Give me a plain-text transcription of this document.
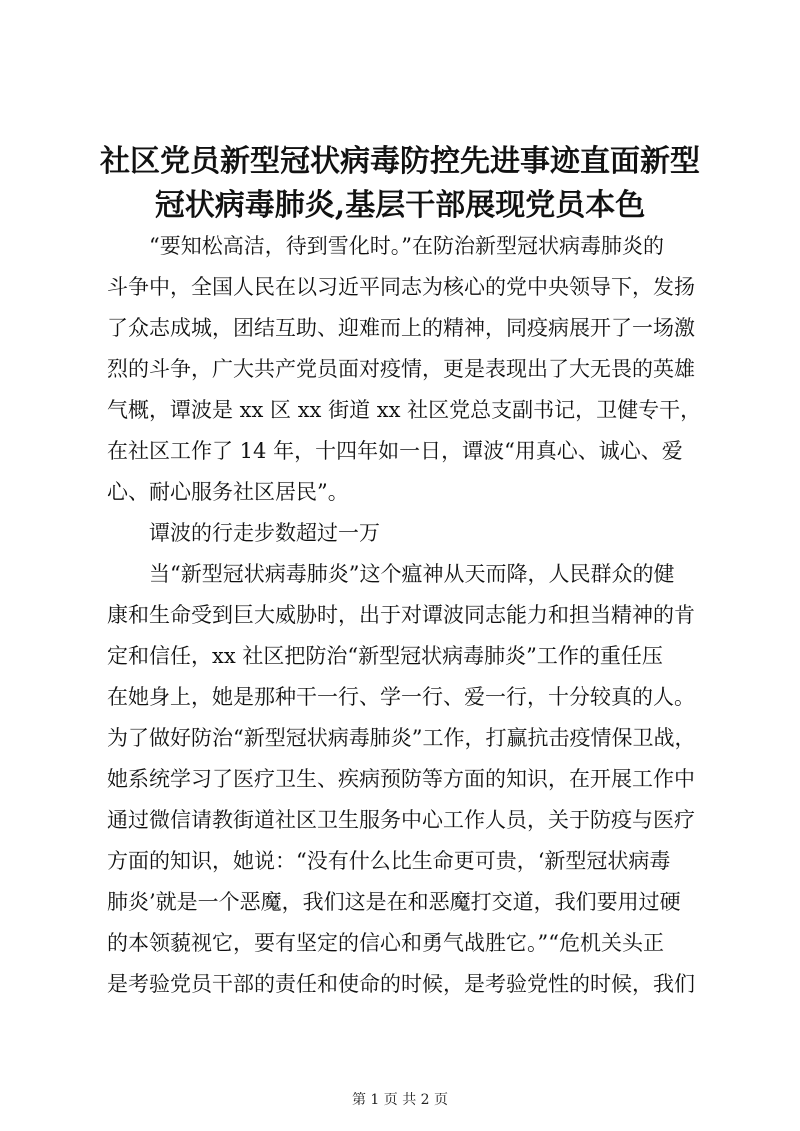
社区党员新型冠状病毒防控先进事迹直面新型
冠状病毒肺炎,基层干部展现党员本色
“要知松高洁，待到雪化时。”在防治新型冠状病毒肺炎的
斗争中，全国人民在以习近平同志为核心的党中央领导下，发扬
了众志成城，团结互助、迎难而上的精神，同疫病展开了一场激
烈的斗争，广大共产党员面对疫情，更是表现出了大无畏的英雄
气概，谭波是 xx 区 xx 街道 xx 社区党总支副书记，卫健专干，
在社区工作了 14 年，十四年如一日，谭波“用真心、诚心、爱
心、耐心服务社区居民”。
谭波的行走步数超过一万
当“新型冠状病毒肺炎”这个瘟神从天而降，人民群众的健
康和生命受到巨大威胁时，出于对谭波同志能力和担当精神的肯
定和信任，xx 社区把防治“新型冠状病毒肺炎”工作的重任压
在她身上，她是那种干一行、学一行、爱一行，十分较真的人。
为了做好防治“新型冠状病毒肺炎”工作，打赢抗击疫情保卫战，
她系统学习了医疗卫生、疾病预防等方面的知识，在开展工作中
通过微信请教街道社区卫生服务中心工作人员，关于防疫与医疗
方面的知识，她说：“没有什么比生命更可贵，‘新型冠状病毒
肺炎’就是一个恶魔，我们这是在和恶魔打交道，我们要用过硬
的本领藐视它，要有坚定的信心和勇气战胜它。”“危机关头正
是考验党员干部的责任和使命的时候，是考验党性的时候，我们
第 1 页 共 2 页
